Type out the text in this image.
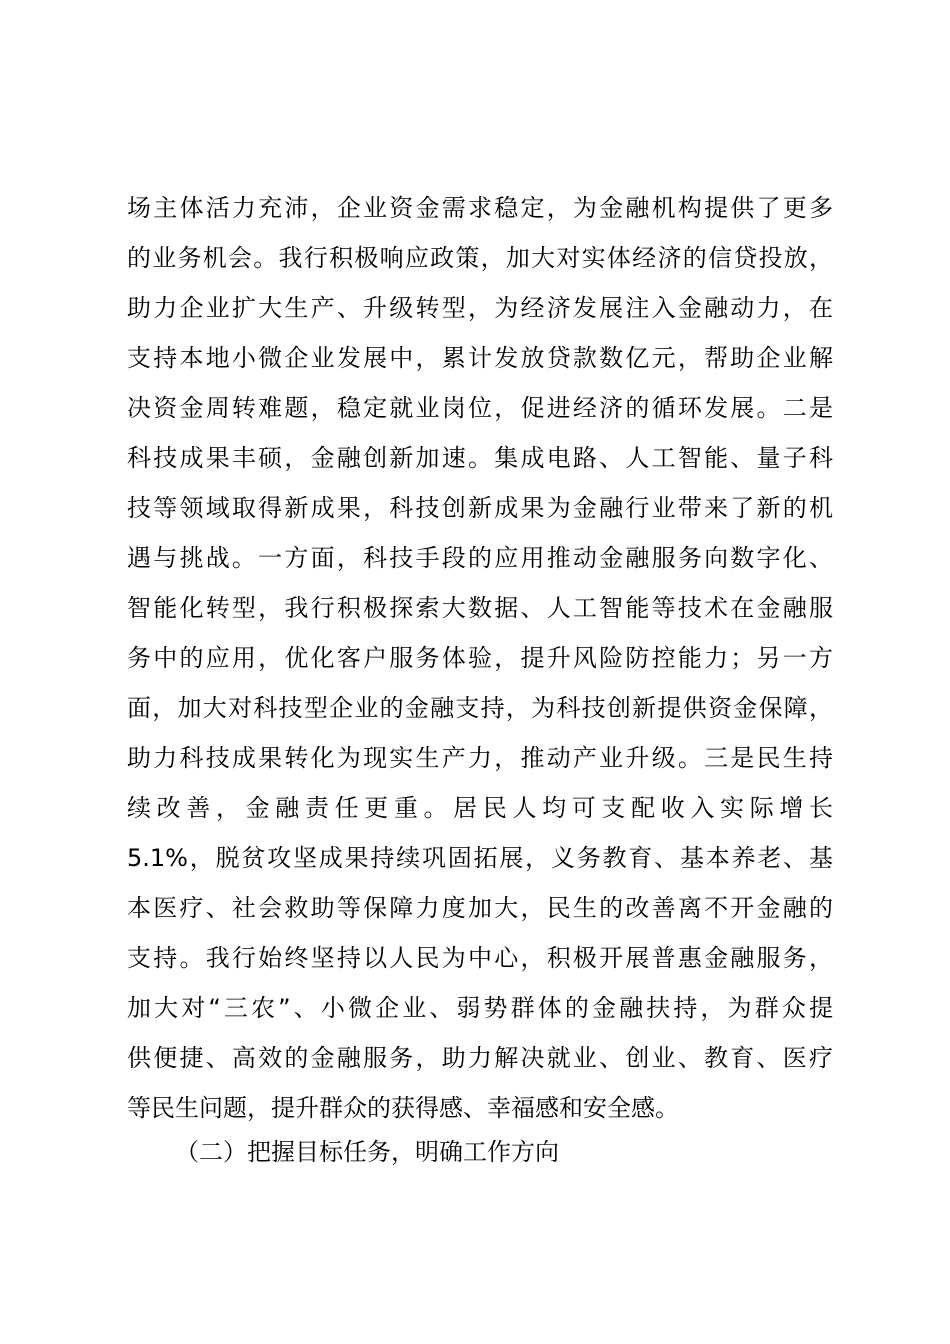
场主体活力充沛，企业资金需求稳定，为金融机构提供了更多
的业务机会。我行积极响应政策，加大对实体经济的信贷投放，
助力企业扩大生产、升级转型，为经济发展注入金融动力，在
支持本地小微企业发展中，累计发放贷款数亿元，帮助企业解
决资金周转难题，稳定就业岗位，促进经济的循环发展。二是
科技成果丰硕，金融创新加速。集成电路、人工智能、量子科
技等领域取得新成果，科技创新成果为金融行业带来了新的机
遇与挑战。一方面，科技手段的应用推动金融服务向数字化、
智能化转型，我行积极探索大数据、人工智能等技术在金融服
务中的应用，优化客户服务体验，提升风险防控能力；另一方
面，加大对科技型企业的金融支持，为科技创新提供资金保障，
助力科技成果转化为现实生产力，推动产业升级。三是民生持
续改善，金融责任更重。居民人均可支配收入实际增长
5.1%，脱贫攻坚成果持续巩固拓展，义务教育、基本养老、基
本医疗、社会救助等保障力度加大，民生的改善离不开金融的
支持。我行始终坚持以人民为中心，积极开展普惠金融服务，
加大对“三农”、小微企业、弱势群体的金融扶持，为群众提
供便捷、高效的金融服务，助力解决就业、创业、教育、医疗
等民生问题，提升群众的获得感、幸福感和安全感。
（二）把握目标任务，明确工作方向
